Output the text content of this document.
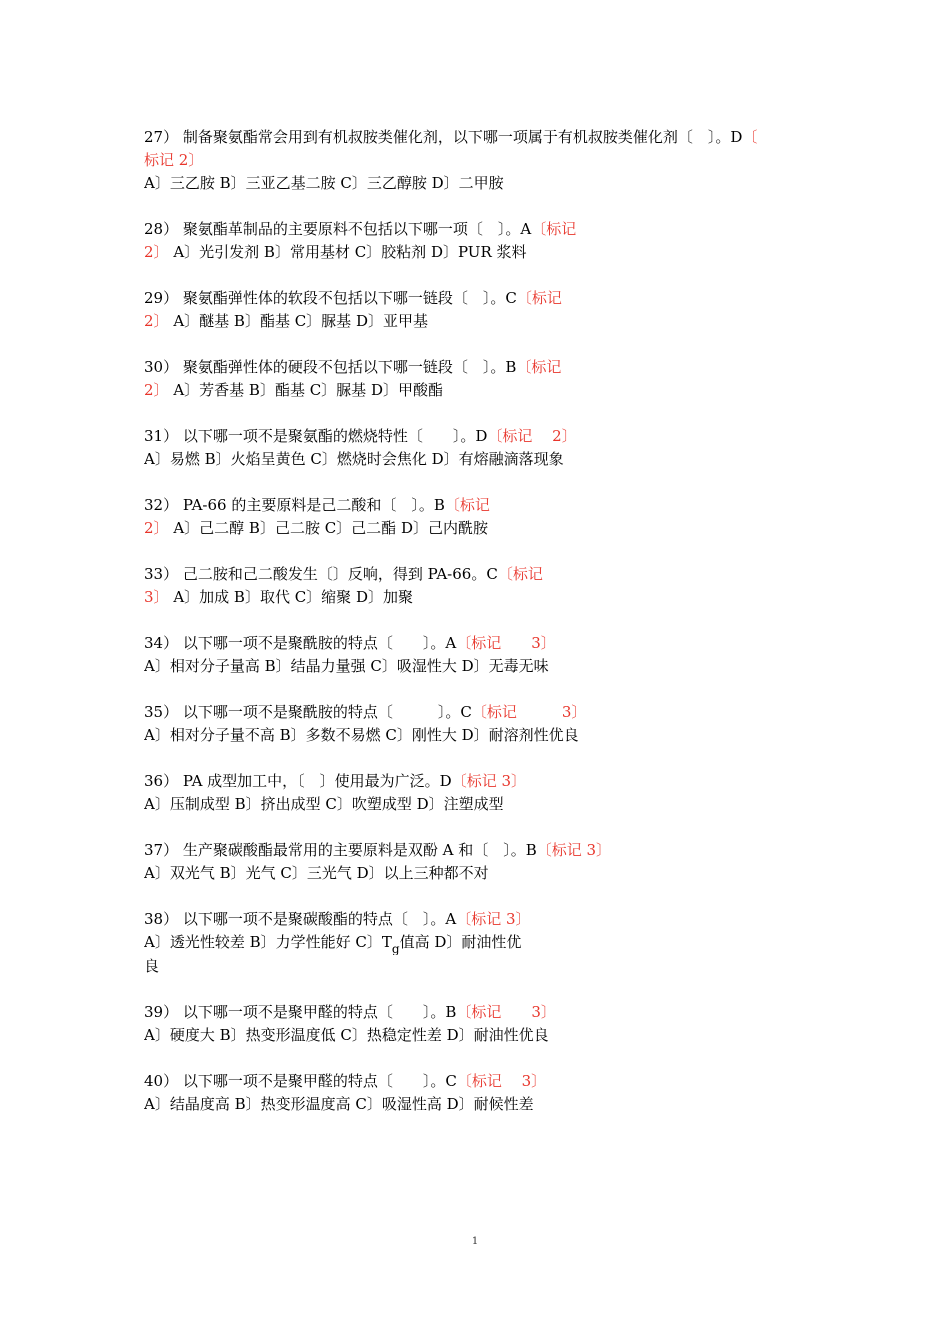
27） 制备聚氨酯常会用到有机叔胺类催化剂，以下哪一项属于有机叔胺类催化剂〔　〕。D〔
标记 2〕
A〕三乙胺 B〕三亚乙基二胺 C〕三乙醇胺 D〕二甲胺
28） 聚氨酯革制品的主要原料不包括以下哪一项〔　〕。A〔标记
2〕 A〕光引发剂 B〕常用基材 C〕胶粘剂 D〕PUR 浆料
29） 聚氨酯弹性体的软段不包括以下哪一链段〔　〕。C〔标记
2〕 A〕醚基 B〕酯基 C〕脲基 D〕亚甲基
30） 聚氨酯弹性体的硬段不包括以下哪一链段〔　〕。B〔标记
2〕 A〕芳香基 B〕酯基 C〕脲基 D〕甲酸酯
31） 以下哪一项不是聚氨酯的燃烧特性〔　　〕。D〔标记　 2〕
A〕易燃 B〕火焰呈黄色 C〕燃烧时会焦化 D〕有熔融滴落现象
32） PA-66 的主要原料是己二酸和〔　〕。B〔标记
2〕 A〕己二醇 B〕己二胺 C〕己二酯 D〕己内酰胺
33） 己二胺和己二酸发生〔〕反响，得到 PA-66。C〔标记
3〕 A〕加成 B〕取代 C〕缩聚 D〕加聚
34） 以下哪一项不是聚酰胺的特点〔　　〕。A〔标记　　3〕
A〕相对分子量高 B〕结晶力量强 C〕吸湿性大 D〕无毒无味
35） 以下哪一项不是聚酰胺的特点〔　　　〕。C〔标记　　　3〕
A〕相对分子量不高 B〕多数不易燃 C〕刚性大 D〕耐溶剂性优良
36） PA 成型加工中，〔　〕使用最为广泛。D〔标记 3〕
A〕压制成型 B〕挤出成型 C〕吹塑成型 D〕注塑成型
37） 生产聚碳酸酯最常用的主要原料是双酚 A 和〔　〕。B〔标记 3〕
A〕双光气 B〕光气 C〕三光气 D〕以上三种都不对
38） 以下哪一项不是聚碳酸酯的特点〔　〕。A〔标记 3〕
A〕透光性较差 B〕力学性能好 C〕$T_g$值高 D〕耐油性优
良
39） 以下哪一项不是聚甲醛的特点〔　　〕。B〔标记　　3〕
A〕硬度大 B〕热变形温度低 C〕热稳定性差 D〕耐油性优良
40） 以下哪一项不是聚甲醛的特点〔　　〕。C〔标记　 3〕
A〕结晶度高 B〕热变形温度高 C〕吸湿性高 D〕耐候性差
1
